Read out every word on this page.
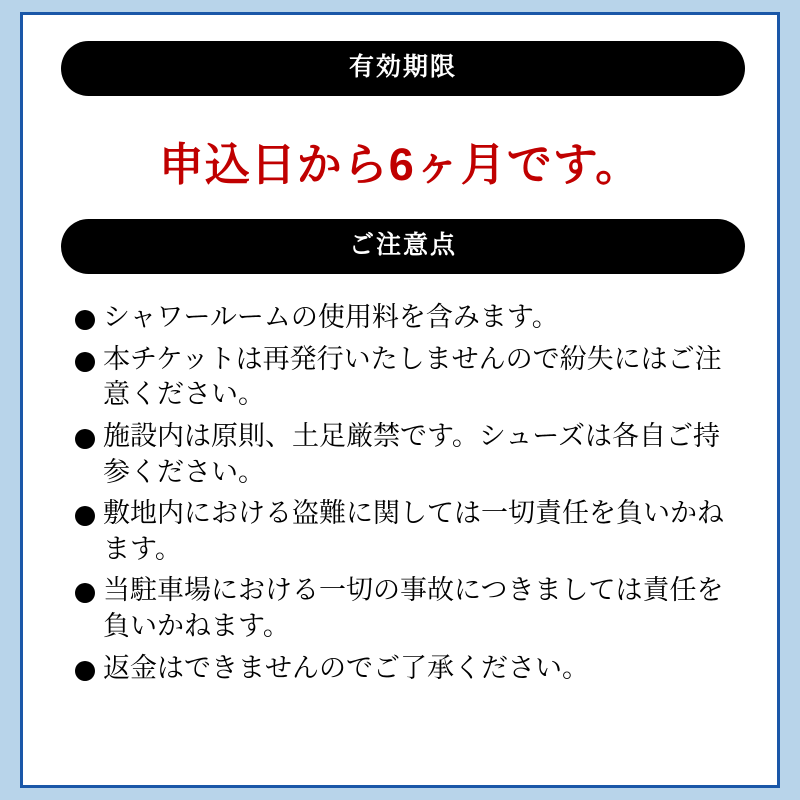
有効期限
申込日から6ヶ月です。
ご注意点
シャワールームの使用料を含みます。
本チケットは再発行いたしませんので紛失にはご注意ください。
施設内は原則、土足厳禁です。シューズは各自ご持参ください。
敷地内における盗難に関しては一切責任を負いかねます。
当駐車場における一切の事故につきましては責任を負いかねます。
返金はできませんのでご了承ください。
